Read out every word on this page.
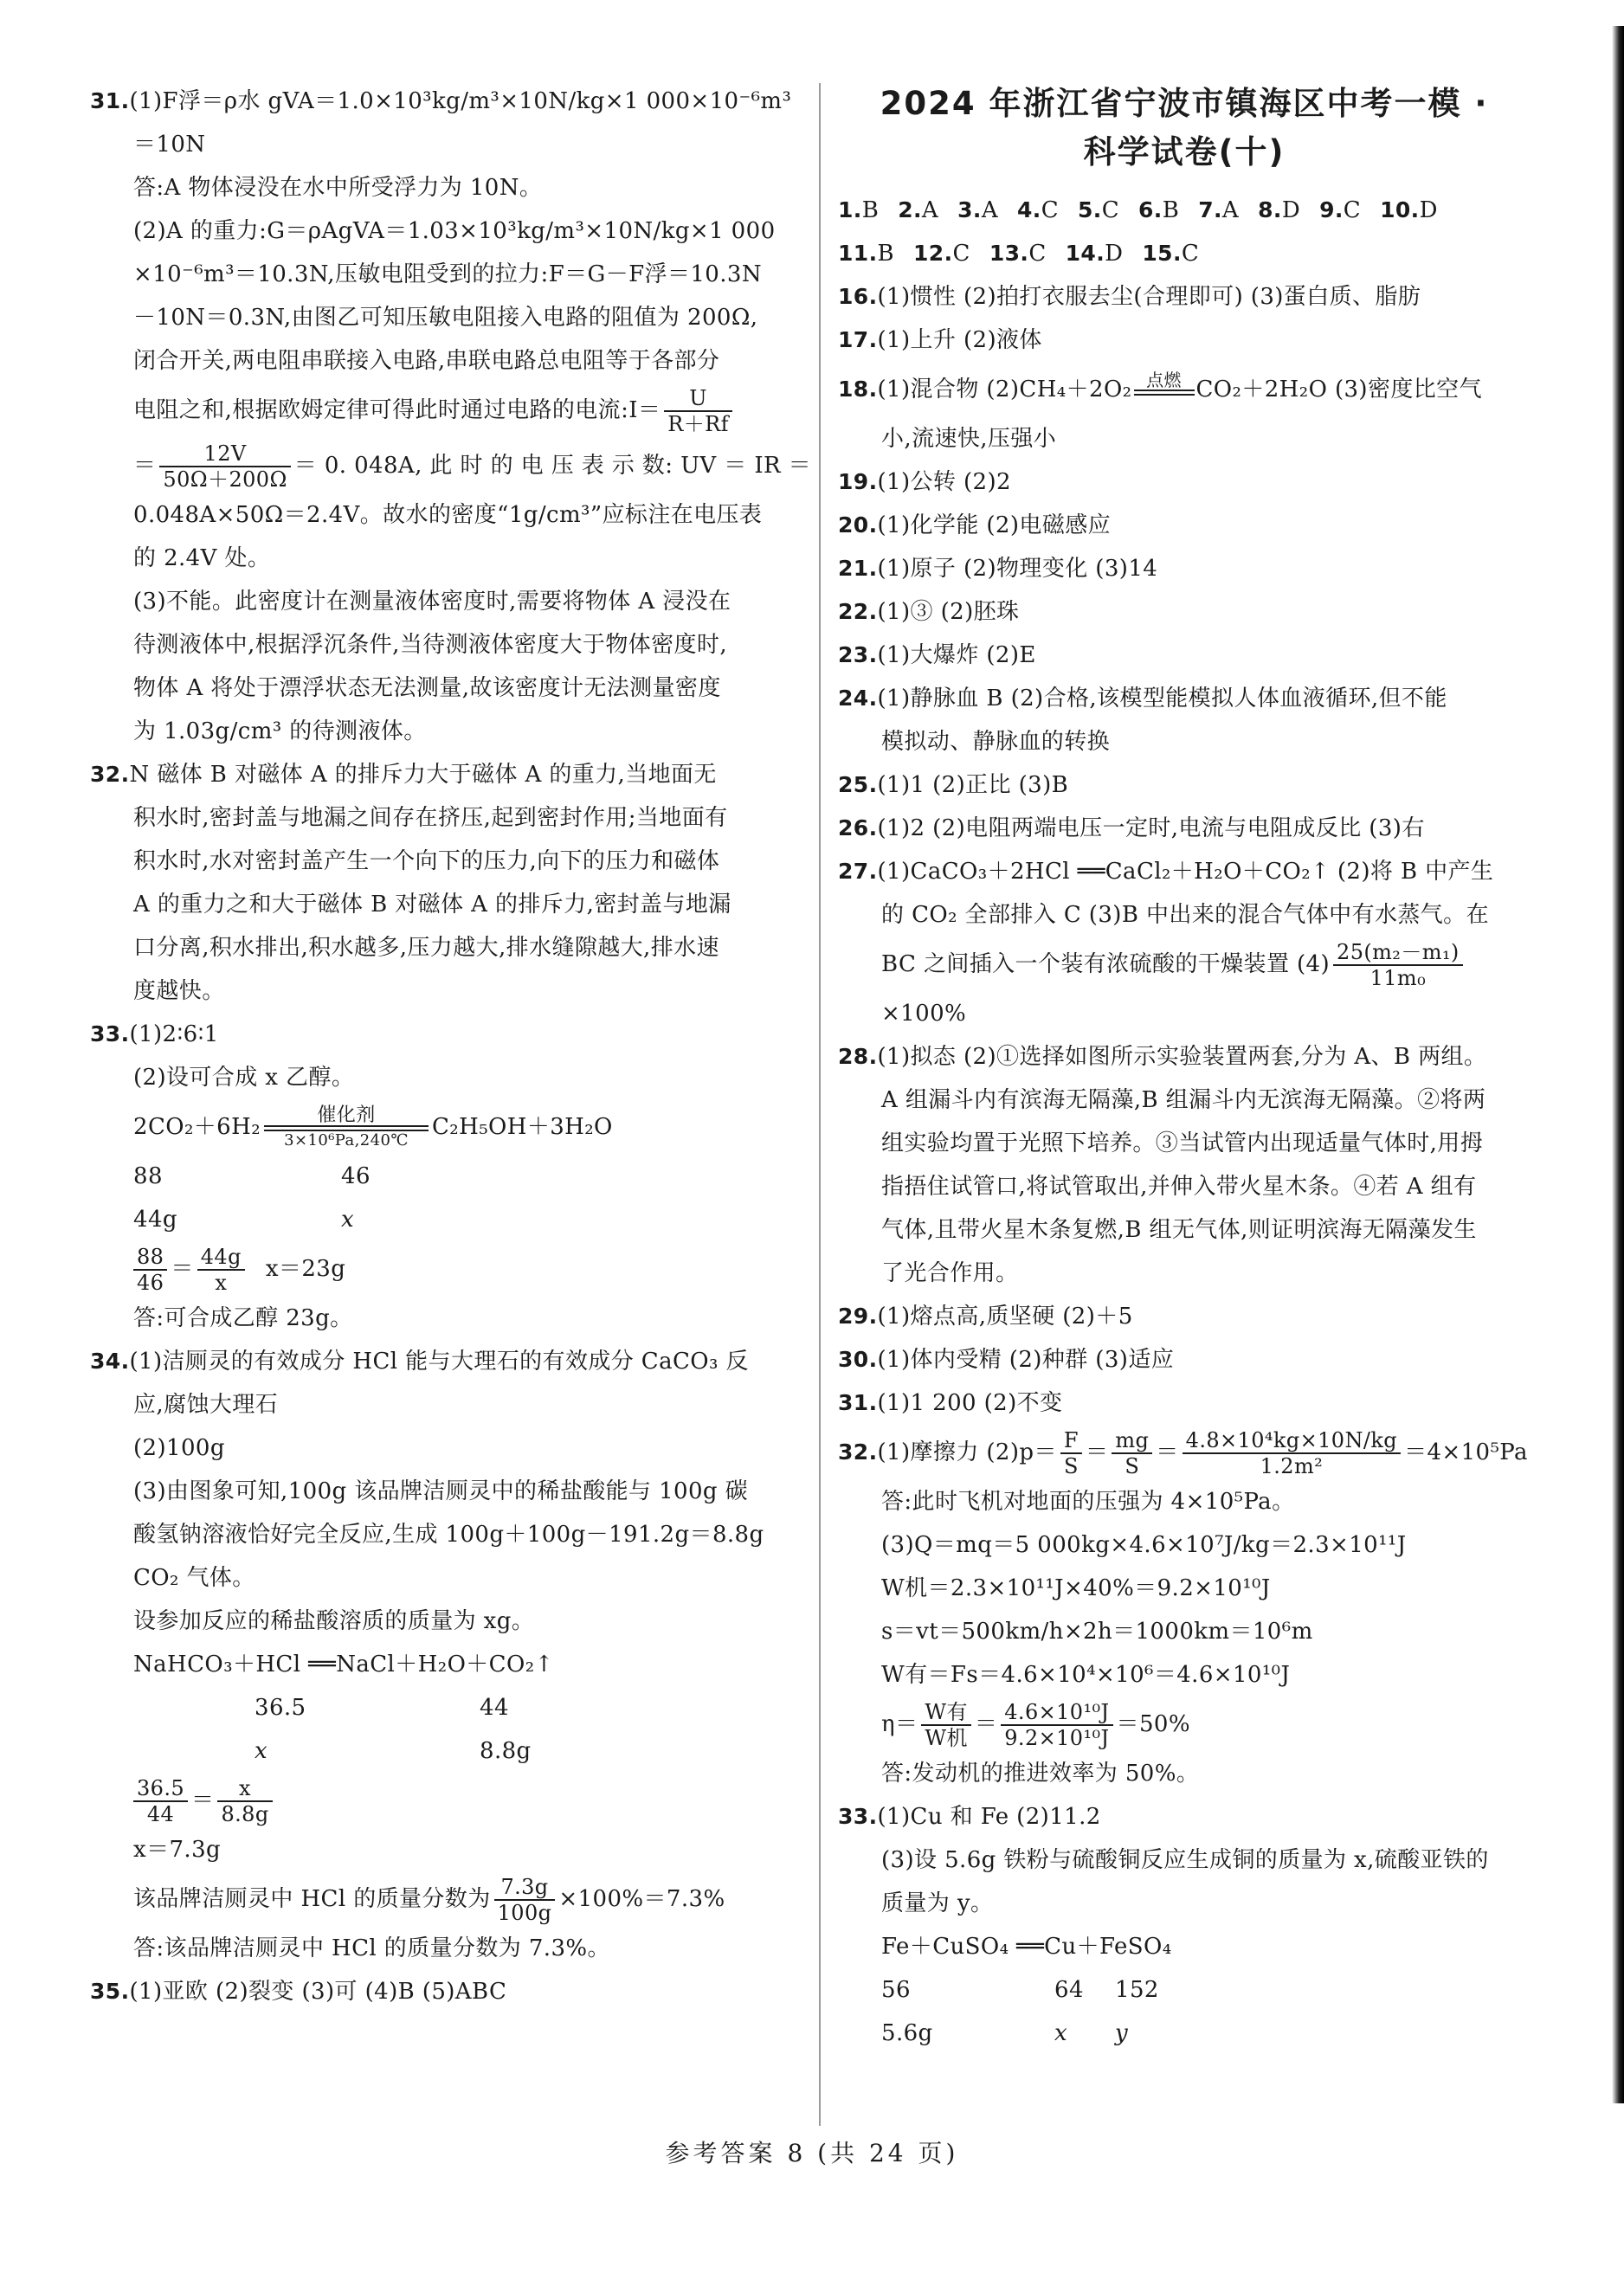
31.(1)F浮＝ρ水 gVA＝1.0×10³kg/m³×10N/kg×1 000×10⁻⁶m³
＝10N
答:A 物体浸没在水中所受浮力为 10N。
(2)A 的重力:G＝ρAgVA＝1.03×10³kg/m³×10N/kg×1 000
×10⁻⁶m³＝10.3N,压敏电阻受到的拉力:F＝G－F浮＝10.3N
－10N＝0.3N,由图乙可知压敏电阻接入电路的阻值为 200Ω,
闭合开关,两电阻串联接入电路,串联电路总电阻等于各部分
电阻之和,根据欧姆定律可得此时通过电路的电流:I＝ $\frac{U}{R+Rf}$
＝ $\frac{12V}{50\Omega+200\Omega} = 0$. 048A, 此 时 的 电 压 表 示 数: UV ＝ IR ＝
0.048A×50Ω＝2.4V。故水的密度“1g/cm³”应标注在电压表
的 2.4V 处。
(3)不能。此密度计在测量液体密度时,需要将物体 A 浸没在
待测液体中,根据浮沉条件,当待测液体密度大于物体密度时,
物体 A 将处于漂浮状态无法测量,故该密度计无法测量密度
为 1.03g/cm³ 的待测液体。
32.N 磁体 B 对磁体 A 的排斥力大于磁体 A 的重力,当地面无
积水时,密封盖与地漏之间存在挤压,起到密封作用;当地面有
积水时,水对密封盖产生一个向下的压力,向下的压力和磁体
A 的重力之和大于磁体 B 对磁体 A 的排斥力,密封盖与地漏
口分离,积水排出,积水越多,压力越大,排水缝隙越大,排水速
度越快。
33.(1)2∶6∶1
(2)设可合成 x 乙醇。
2CO₂＋6H₂	催化剂
3×10⁶Pa,240℃	C₂H₅OH＋3H₂O
88	46
44g	x
$\frac{88}{46} = \frac{44g}{x} x=23g$
答:可合成乙醇 23g。
34.(1)洁厕灵的有效成分 HCl 能与大理石的有效成分 CaCO₃ 反
应,腐蚀大理石
(2)100g
(3)由图象可知,100g 该品牌洁厕灵中的稀盐酸能与 100g 碳
酸氢钠溶液恰好完全反应,生成 100g＋100g－191.2g＝8.8g
CO₂ 气体。
设参加反应的稀盐酸溶质的质量为 xg。
NaHCO₃＋HCl ══NaCl＋H₂O＋CO₂↑
36.5	44
x	8.8g
$\frac{36.5}{44} = \frac{x}{8.8g}$
x＝7.3g
该品牌洁厕灵中 HCl 的质量分数为 $\frac{7.3g}{100g} \times 100\%=7.3\%$
答:该品牌洁厕灵中 HCl 的质量分数为 7.3%。
35.(1)亚欧 (2)裂变 (3)可 (4)B (5)ABC
2024 年浙江省宁波市镇海区中考一模 ·
科学试卷(十)
1.B 2.A 3.A 4.C 5.C 6.B 7.A 8.D 9.C 10.D
11.B 12.C 13.C 14.D 15.C
16.(1)惯性 (2)拍打衣服去尘(合理即可) (3)蛋白质、脂肪
17.(1)上升 (2)液体
18.(1)混合物 (2)CH₄＋2O₂ 点燃 CO₂＋2H₂O (3)密度比空气
小,流速快,压强小
19.(1)公转 (2)2
20.(1)化学能 (2)电磁感应
21.(1)原子 (2)物理变化 (3)14
22.(1)③ (2)胚珠
23.(1)大爆炸 (2)E
24.(1)静脉血 B (2)合格,该模型能模拟人体血液循环,但不能
模拟动、静脉血的转换
25.(1)1 (2)正比 (3)B
26.(1)2 (2)电阻两端电压一定时,电流与电阻成反比 (3)右
27.(1)CaCO₃＋2HCl ══CaCl₂＋H₂O＋CO₂↑ (2)将 B 中产生
的 CO₂ 全部排入 C (3)B 中出来的混合气体中有水蒸气。在
BC 之间插入一个装有浓硫酸的干燥装置 $(4) \frac{\text{25(m₂－m₁)}}{\text{11m₀}}$
×100%
28.(1)拟态 (2)①选择如图所示实验装置两套,分为 A、B 两组。
A 组漏斗内有滨海无隔藻,B 组漏斗内无滨海无隔藻。②将两
组实验均置于光照下培养。③当试管内出现适量气体时,用拇
指捂住试管口,将试管取出,并伸入带火星木条。④若 A 组有
气体,且带火星木条复燃,B 组无气体,则证明滨海无隔藻发生
了光合作用。
29.(1)熔点高,质坚硬 (2)＋5
30.(1)体内受精 (2)种群 (3)适应
31.(1)1 200 (2)不变
32.(1)摩擦力 $(2)p= \frac{F}{S} = \frac{mg}{S} = \frac{\text{4.8×10⁴kg×10N/kg}}{\text{1.2m²}} =4\times 10^5Pa$
答:此时飞机对地面的压强为 4×10⁵Pa。
(3)Q＝mq＝5 000kg×4.6×10⁷J/kg＝2.3×10¹¹J
W机＝2.3×10¹¹J×40%＝9.2×10¹⁰J
s＝vt＝500km/h×2h＝1000km＝10⁶m
W有＝Fs＝4.6×10⁴×10⁶＝4.6×10¹⁰J
$\eta= \frac{\text{W有}}{\text{W机}} = \frac{\text{4.6×10¹⁰J}}{\text{9.2×10¹⁰J}} =50\%$
答:发动机的推进效率为 50%。
33.(1)Cu 和 Fe (2)11.2
(3)设 5.6g 铁粉与硫酸铜反应生成铜的质量为 x,硫酸亚铁的
质量为 y。
Fe＋CuSO₄ ══Cu＋FeSO₄
56	64 152
5.6g	x y
参考答案 8 (共 24 页)
